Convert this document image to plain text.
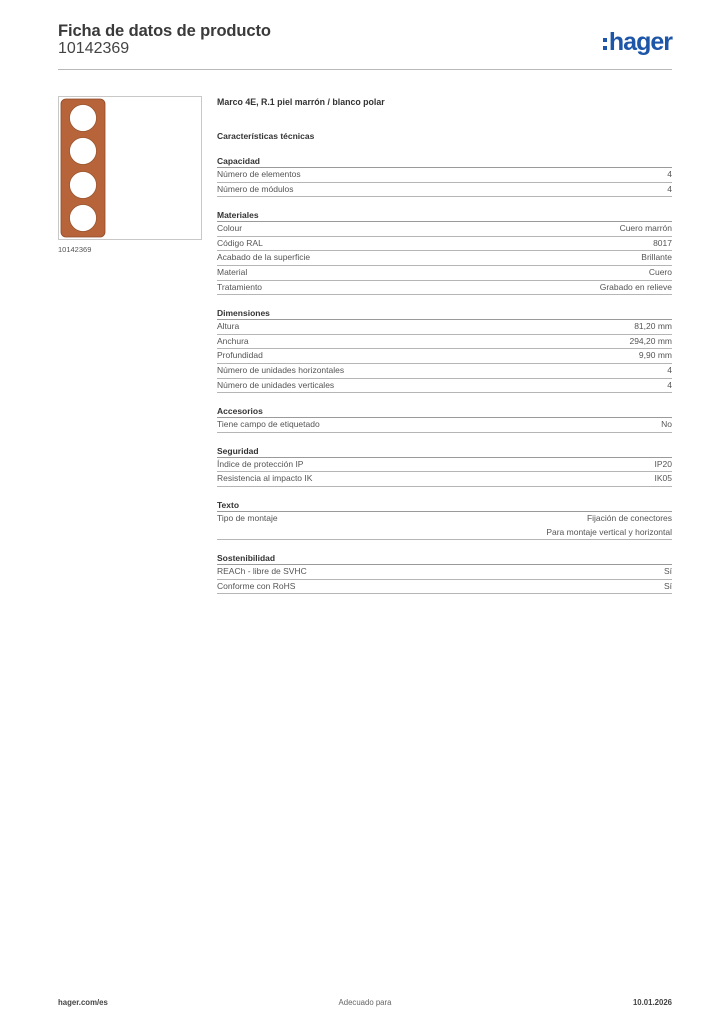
Ficha de datos de producto
10142369	hager
10142369
Marco 4E, R.1 piel marrón / blanco polar
Características técnicas
Capacidad
Número de elementos	4
Número de módulos	4
Materiales
Colour	Cuero marrón
Código RAL	8017
Acabado de la superficie	Brillante
Material	Cuero
Tratamiento	Grabado en relieve
Dimensiones
Altura	81,20 mm
Anchura	294,20 mm
Profundidad	9,90 mm
Número de unidades horizontales	4
Número de unidades verticales	4
Accesorios
Tiene campo de etiquetado	No
Seguridad
Índice de protección IP	IP20
Resistencia al impacto IK	IK05
Texto
Tipo de montaje	Fijación de conectores
Para montaje vertical y horizontal
Sostenibilidad
REACh - libre de SVHC	Sí
Conforme con RoHS	Sí
hager.com/es	Adecuado para	10.01.2026
